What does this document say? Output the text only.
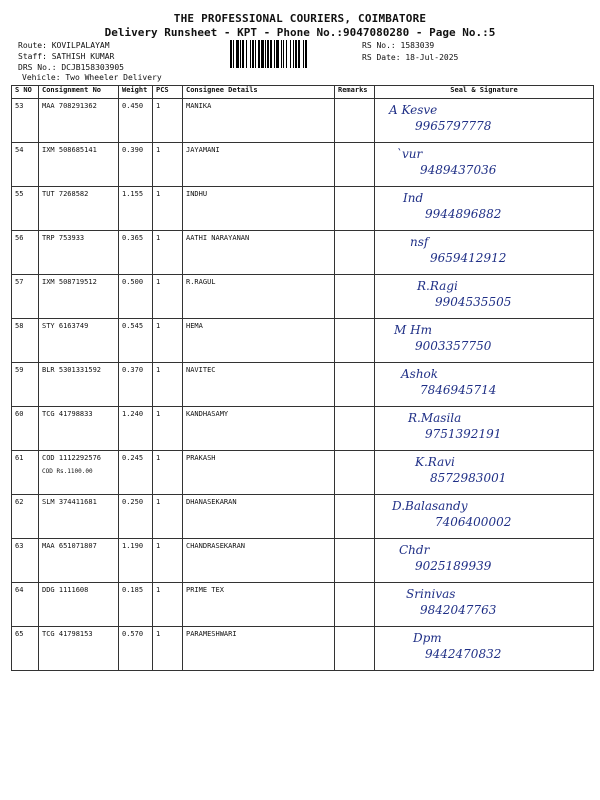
THE PROFESSIONAL COURIERS, COIMBATORE
Delivery Runsheet - KPT - Phone No.:9047080280 - Page No.:5
Route: KOVILPALAYAM
Staff: SATHISH KUMAR
DRS No.: DCJB158303905
Vehicle: Two Wheeler Delivery
RS No.: 1583039
RS Date: 18-Jul-2025
S NO	Consignment No	Weight	PCS	Consignee Details	Remarks	Seal & Signature
53	MAA 708291362	0.450	1	MANIKA		A Kesve
9965797778

54	IXM 508685141	0.390	1	JAYAMANI		ˋvur
9489437036

55	TUT 7268582	1.155	1	INDHU		Ind
9944896882

56	TRP 753933	0.365	1	AATHI NARAYANAN		nsf
9659412912

57	IXM 508719512	0.500	1	R.RAGUL		R.Ragi
9904535505

58	STY 6163749	0.545	1	HEMA		M Hm
9003357750

59	BLR 5301331592	0.370	1	NAVITEC		Ashok
7846945714

60	TCG 41798833	1.240	1	KANDHASAMY		R.Masila
9751392191

61	COD 1112292576
COD Rs.1100.00	0.245	1	PRAKASH		K.Ravi
8572983001

62	SLM 374411681	0.250	1	DHANASEKARAN		D.Balasandy
7406400002

63	MAA 651071807	1.190	1	CHANDRASEKARAN		Chdr
9025189939

64	DDG 1111608	0.185	1	PRIME TEX		Srinivas
9842047763

65	TCG 41798153	0.570	1	PARAMESHWARI		Dpm
9442470832
